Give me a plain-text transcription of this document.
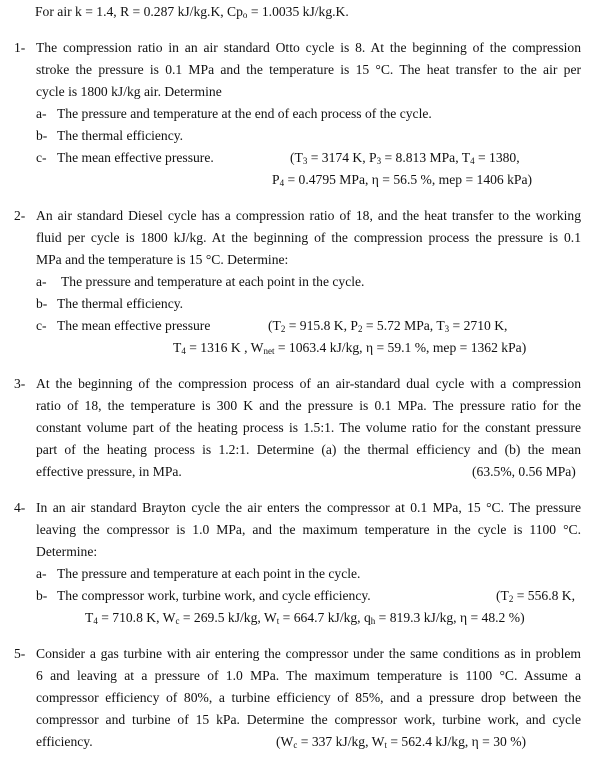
For air k = 1.4, R = 0.287 kJ/kg.K, $Cp_o = 1.0035$ kJ/kg.K.
1- The compression ratio in an air standard Otto cycle is 8. At the beginning of the compression
stroke the pressure is 0.1 MPa and the temperature is 15 °C. The heat transfer to the air per
cycle is 1800 kJ/kg air. Determine
a- The pressure and temperature at the end of each process of the cycle.
b- The thermal efficiency.
c- The mean effective pressure.	($T_3 = 3174$ K, $P_3 = 8.813$ MPa, $T_4 = 1380$,
$P_4 = 0.4795$ MPa, η = 56.5 %, mep = 1406 kPa)
2- An air standard Diesel cycle has a compression ratio of 18, and the heat transfer to the working
fluid per cycle is 1800 kJ/kg. At the beginning of the compression process the pressure is 0.1
MPa and the temperature is 15 °C. Determine:
a- The pressure and temperature at each point in the cycle.
b- The thermal efficiency.
c- The mean effective pressure	($T_2 = 915.8$ K, $P_2 = 5.72$ MPa, $T_3 = 2710$ K,
$T_4 = 1316$ K , $W_{net} = 1063.4$ kJ/kg, η = 59.1 %, mep = 1362 kPa)
3- At the beginning of the compression process of an air-standard dual cycle with a compression
ratio of 18, the temperature is 300 K and the pressure is 0.1 MPa. The pressure ratio for the
constant volume part of the heating process is 1.5:1. The volume ratio for the constant pressure
part of the heating process is 1.2:1. Determine (a) the thermal efficiency and (b) the mean
effective pressure, in MPa.	(63.5%, 0.56 MPa)
4- In an air standard Brayton cycle the air enters the compressor at 0.1 MPa, 15 °C. The pressure
leaving the compressor is 1.0 MPa, and the maximum temperature in the cycle is 1100 °C.
Determine:
a- The pressure and temperature at each point in the cycle.
b- The compressor work, turbine work, and cycle efficiency.	($T_2 = 556.8$ K,
$T_4 = 710.8$ K, $W_c = 269.5$ kJ/kg, $W_t = 664.7$ kJ/kg, $q_h = 819.3$ kJ/kg, η = 48.2 %)
5- Consider a gas turbine with air entering the compressor under the same conditions as in problem
6 and leaving at a pressure of 1.0 MPa. The maximum temperature is 1100 °C. Assume a
compressor efficiency of 80%, a turbine efficiency of 85%, and a pressure drop between the
compressor and turbine of 15 kPa. Determine the compressor work, turbine work, and cycle
efficiency.	($W_c = 337$ kJ/kg, $W_t = 562.4$ kJ/kg, η = 30 %)
